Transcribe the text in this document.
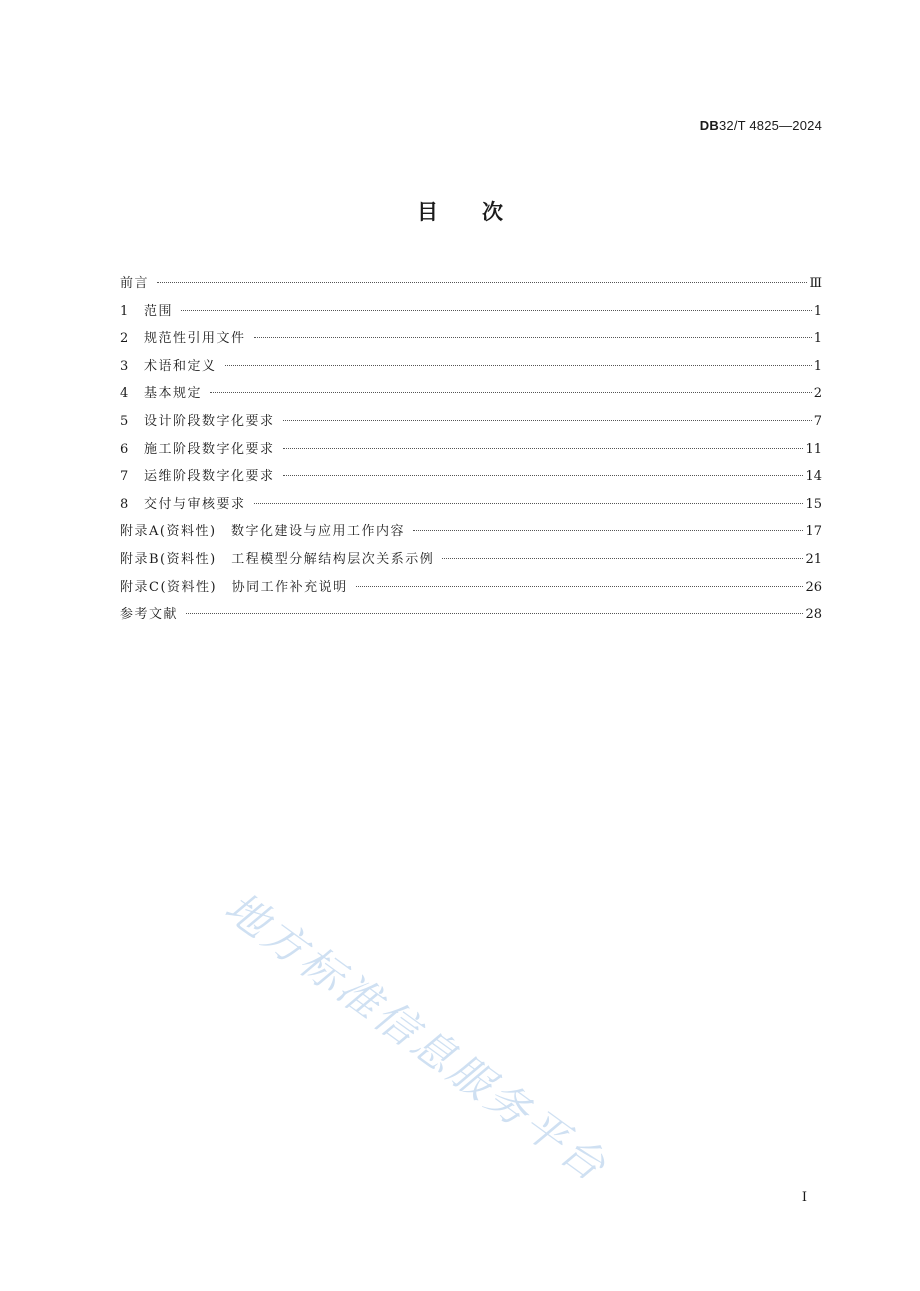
DB32/T 4825—2024
目 次
前言	Ⅲ
1	范围	1
2	规范性引用文件	1
3	术语和定义	1
4	基本规定	2
5	设计阶段数字化要求	7
6	施工阶段数字化要求	11
7	运维阶段数字化要求	14
8	交付与审核要求	15
附录A(资料性)　数字化建设与应用工作内容	17
附录B(资料性)　工程模型分解结构层次关系示例	21
附录C(资料性)　协同工作补充说明	26
参考文献	28
地方标准信息服务平台
I
